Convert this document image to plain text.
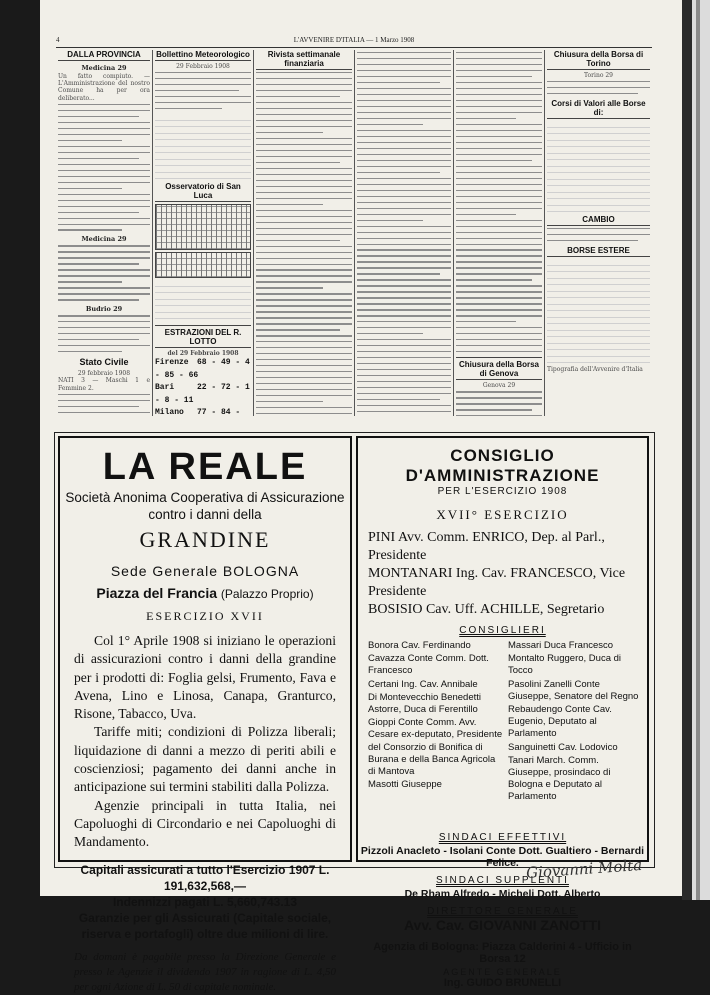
4	L'AVVENIRE D'ITALIA — 1 Marzo 1908
DALLA PROVINCIA
Medicina 29
Un fatto compiuto. — L'Amministrazione del nostro Comune ha per ora deliberato...
Medicina 29
Budrio 29
Stato Civile
29 febbraio 1908
NATI 3 — Maschi 1 e Femmine 2.
Bollettino Meteorologico
29 Febbraio 1908

Osservatorio di San Luca

ESTRAZIONI DEL R. LOTTO
del 29 Febbraio 1908
Firenze 68 - 49 - 4 - 85 - 66
Bari	22 - 72 - 1 - 8 - 11
Milano 77 - 84 -
Rivista settimanale finanziaria
Chiusura della Borsa di Genova
Genova 29
Chiusura della Borsa di Torino
Torino 29
Corsi di Valori alle Borse di:

CAMBIO
BORSE ESTERE

Tipografia dell'Avvenire d'Italia
LA REALE
Società Anonima Cooperativa di Assicurazione
contro i danni della
GRANDINE
Sede Generale BOLOGNA
Piazza del Francia (Palazzo Proprio)
ESERCIZIO XVII

Col 1° Aprile 1908 si iniziano le operazioni di assicurazioni contro i danni della grandine per i prodotti di: Foglia gelsi, Frumento, Fava e Avena, Lino e Linosa, Canapa, Granturco, Risone, Tabacco, Uva.

Tariffe miti; condizioni di Polizza liberali; liquidazione di danni a mezzo di periti abili e coscienziosi; pagamento dei danni anche in anticipazione sui termini stabiliti dalla Polizza.

Agenzie principali in tutta Italia, nei Capoluoghi di Circondario e nei Capoluoghi di Mandamento.

Capitali assicurati a tutto l'Esercizio 1907 L. 191,632,568,—
Indennizzi pagati L. 5,660,743.13
Garanzie per gli Assicurati (Capitale sociale, riserva e portafogli) oltre due milioni di lire.
Da domani è pagabile presso la Direzione Generale e presso le Agenzie il dividendo 1907 in ragione di L. 4,50 per ogni Azione di L. 50 di capitale nominale.
CONSIGLIO D'AMMINISTRAZIONE
PER L'ESERCIZIO 1908
XVII° ESERCIZIO
PINI Avv. Comm. ENRICO, Dep. al Parl., Presidente
MONTANARI Ing. Cav. FRANCESCO, Vice Presidente
BOSISIO Cav. Uff. ACHILLE, Segretario
CONSIGLIERI
Bonora Cav. Ferdinando
Cavazza Conte Comm. Dott. Francesco
Certani Ing. Cav. Annibale
Di Montevecchio Benedetti Astorre, Duca di Ferentillo
Gioppi Conte Comm. Avv. Cesare ex-deputato, Presidente del Consorzio di Bonifica di Burana e della Banca Agricola di Mantova
Masotti Giuseppe
Massari Duca Francesco
Montalto Ruggero, Duca di Tocco
Pasolini Zanelli Conte Giuseppe, Senatore del Regno
Rebaudengo Conte Cav. Eugenio, Deputato al Parlamento
Sanguinetti Cav. Lodovico
Tanari March. Comm. Giuseppe, prosindaco di Bologna e Deputato al Parlamento
SINDACI EFFETTIVI
Pizzoli Anacleto - Isolani Conte Dott. Gualtiero - Bernardi Felice.
SINDACI SUPPLENTI
De Rham Alfredo - Micheli Dott. Alberto
DIRETTORE GENERALE
Avv. Cav. GIOVANNI ZANOTTI
Agenzia di Bologna: Piazza Calderini 4 - Ufficio in Borsa 12
AGENTE GENERALE
Ing. GUIDO BRUNELLI
Giovanni Molta
